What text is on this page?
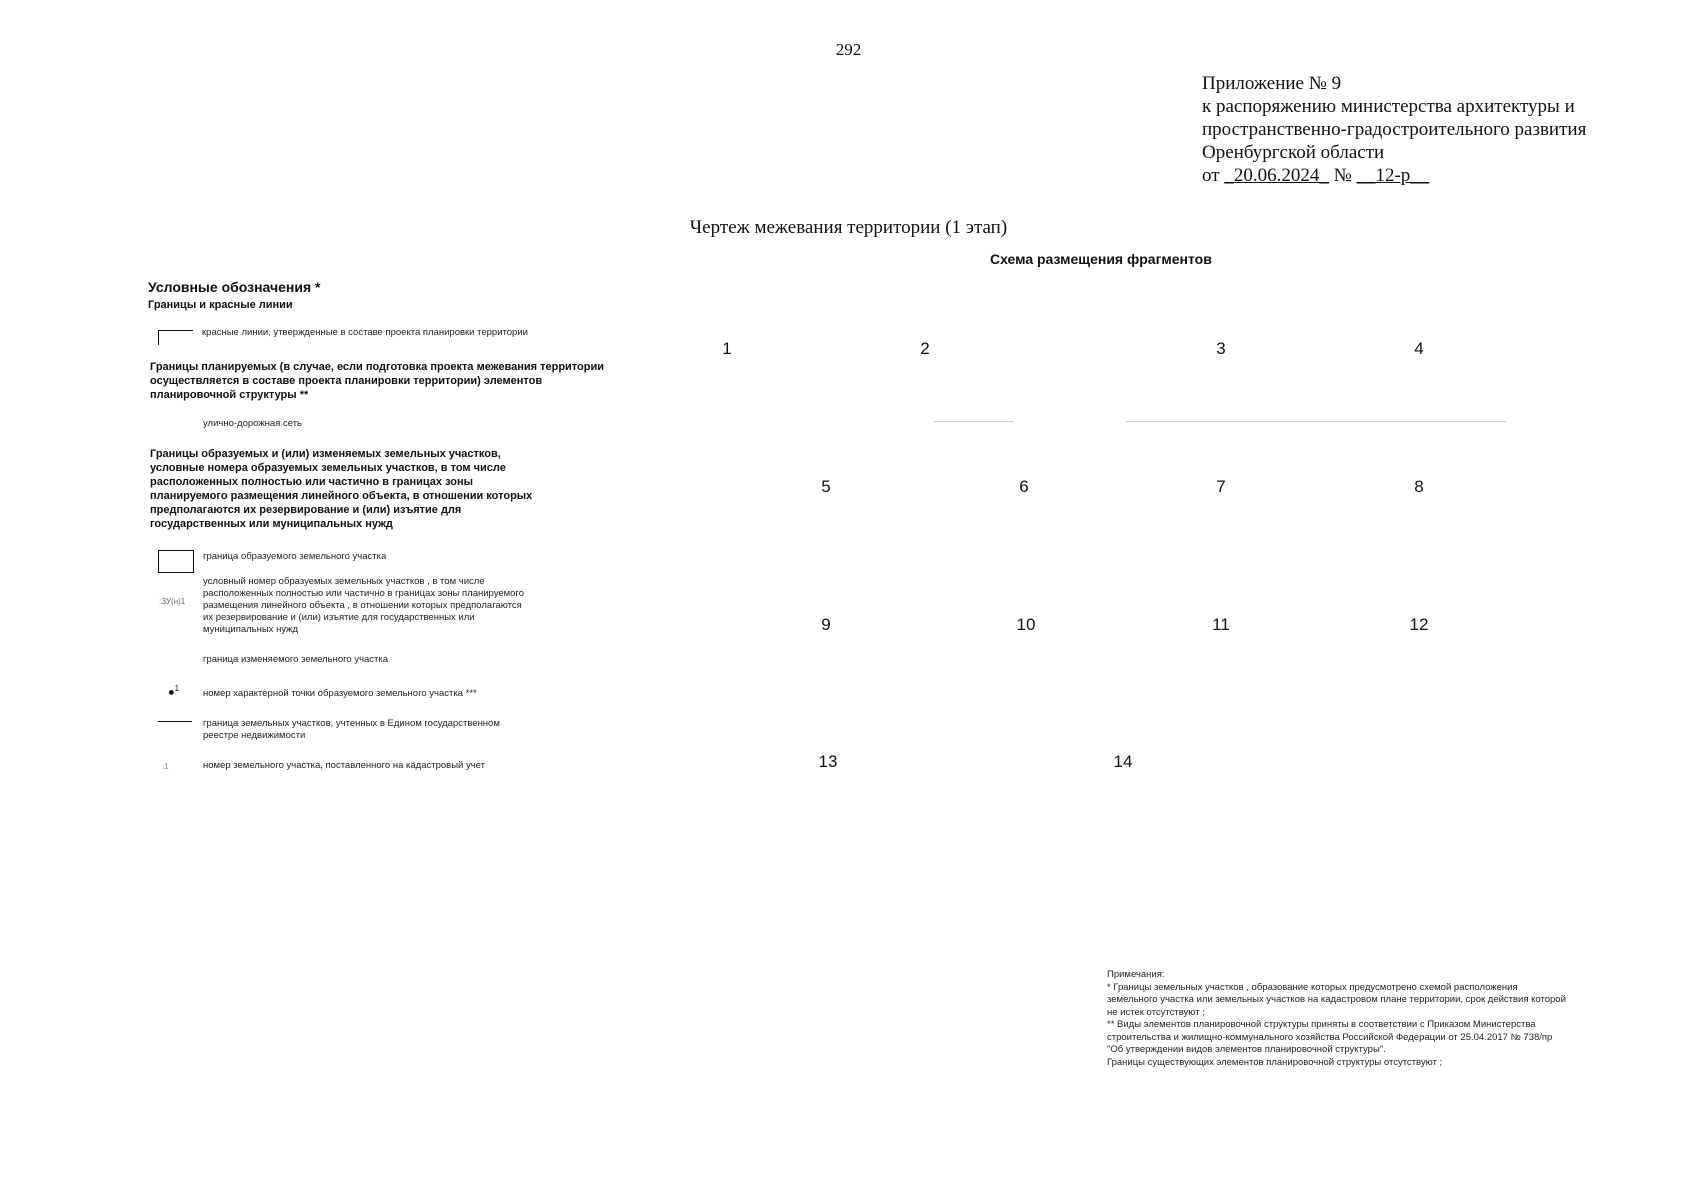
292
Приложение № 9
к распоряжению министерства архитектуры и
пространственно-градостроительного развития
Оренбургской области
от _20.06.2024_ № __12-р__
Чертеж межевания территории (1 этап)
Схема размещения фрагментов
Условные обозначения *
Границы и красные линии
красные линии, утвержденные в составе проекта планировки территории
Границы планируемых (в случае, если подготовка проекта межевания территории осуществляется в составе проекта планировки территории) элементов планировочной структуры **
улично-дорожная сеть
Границы образуемых и (или) изменяемых земельных участков, условные номера образуемых земельных участков, в том числе расположенных полностью или частично в границах зоны планируемого размещения линейного объекта, в отношении которых предполагаются их резервирование и (или) изъятие для государственных или муниципальных нужд
граница образуемого земельного участка
:ЗУ(н)1
условный номер образуемых земельных участков , в том числе расположенных полностью или частично в границах зоны планируемого размещения линейного объекта , в отношении которых предполагаются их резервирование и (или) изъятие для государственных или муниципальных нужд
граница изменяемого земельного участка
●$^1$	номер характерной точки образуемого земельного участка ***
граница земельных участков, учтенных в Едином государственном реестре недвижимости
:1	номер земельного участка, поставленного на кадастровый учет
1	2	3	4
5	6	7	8
9	10	11	12
13	14

Примечания:

* Границы земельных участков , образование которых предусмотрено схемой расположения земельного участка или земельных участков на кадастровом плане территории, срок действия которой не истек отсутствуют ;

** Виды элементов планировочной структуры приняты в соответствии с Приказом Министерства строительства и жилищно-коммунального хозяйства Российской Федерации от 25.04.2017 № 738/пр "Об утверждении видов элементов планировочной структуры".

Границы существующих элементов планировочной структуры отсутствуют ;
